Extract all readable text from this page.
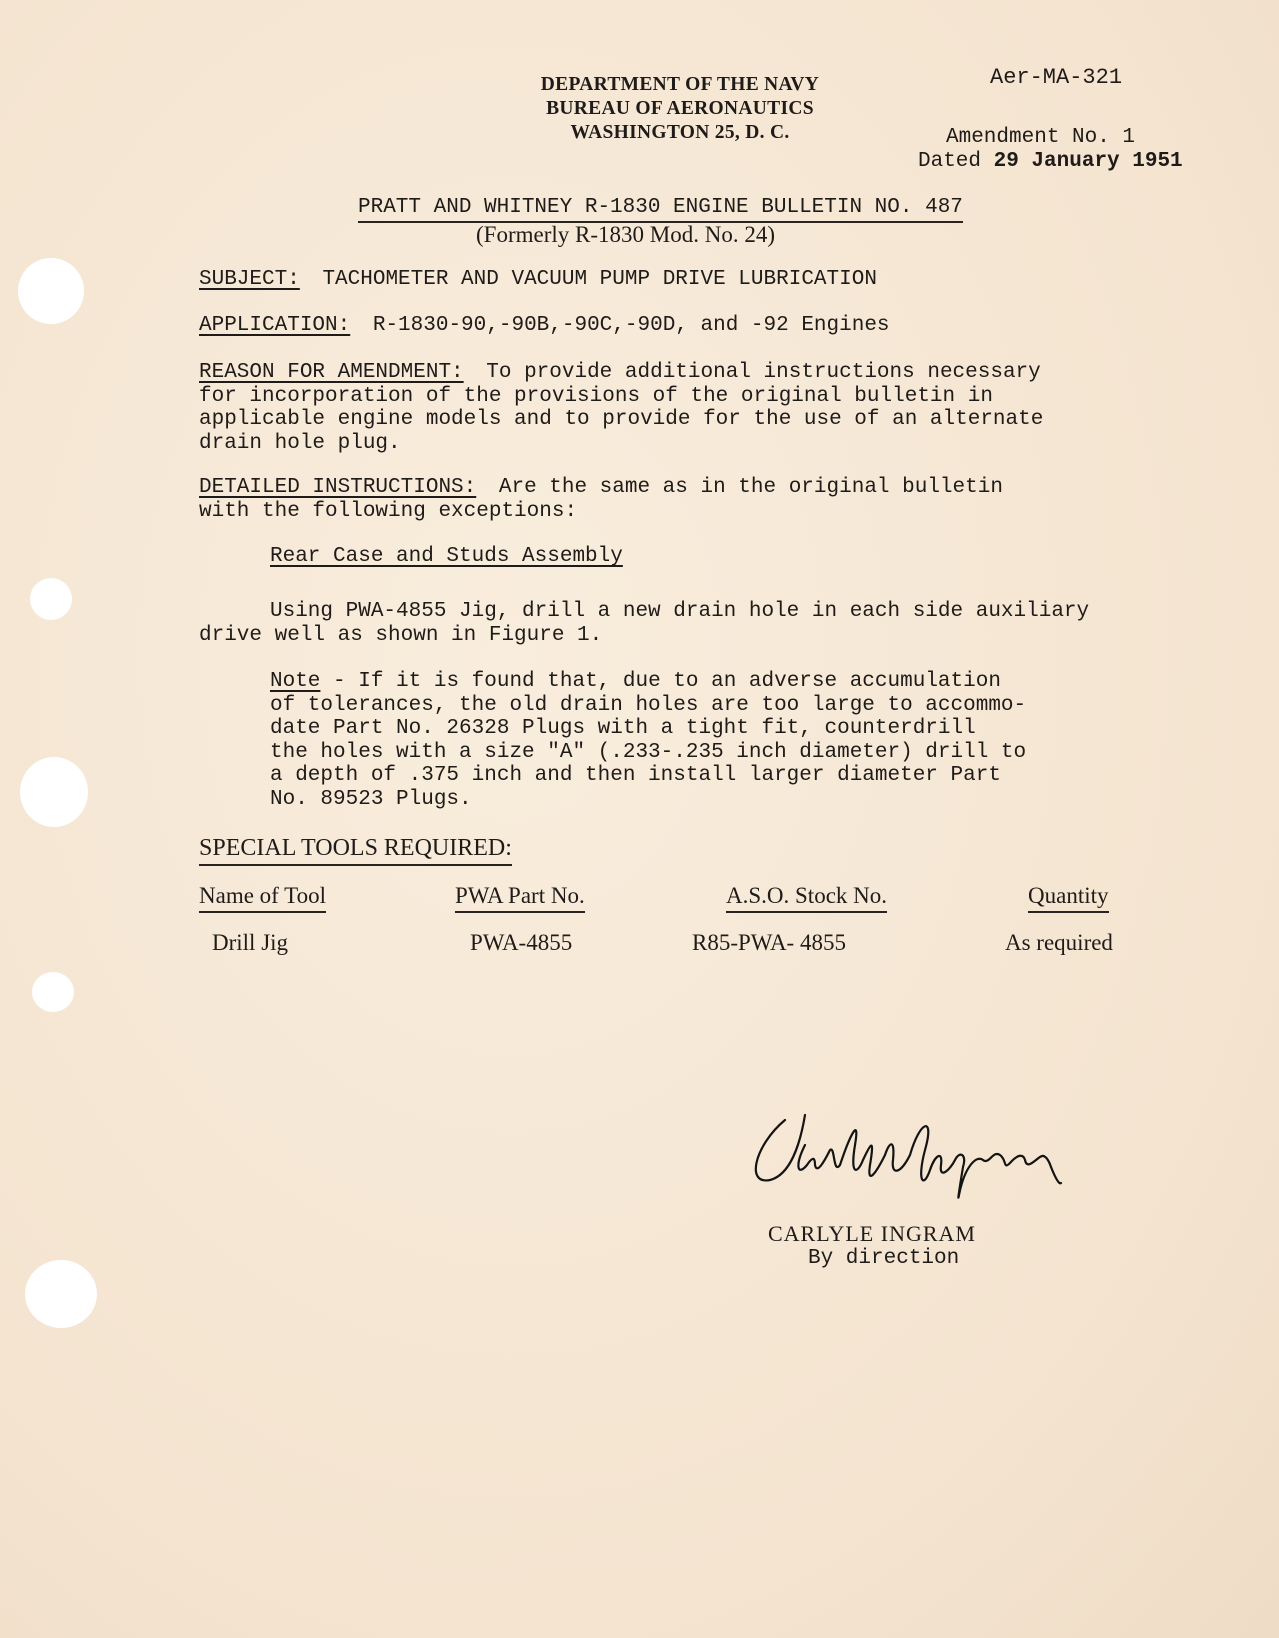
DEPARTMENT OF THE NAVY
BUREAU OF AERONAUTICS
WASHINGTON 25, D. C.
Aer-MA-321
Amendment No. 1
Dated 29 January 1951
PRATT AND WHITNEY R-1830 ENGINE BULLETIN NO. 487
(Formerly R-1830 Mod. No. 24)
SUBJECT: TACHOMETER AND VACUUM PUMP DRIVE LUBRICATION
APPLICATION: R-1830-90,-90B,-90C,-90D, and -92 Engines
REASON FOR AMENDMENT: To provide additional instructions necessary
for incorporation of the provisions of the original bulletin in
applicable engine models and to provide for the use of an alternate
drain hole plug.
DETAILED INSTRUCTIONS: Are the same as in the original bulletin
with the following exceptions:
Rear Case and Studs Assembly
Using PWA-4855 Jig, drill a new drain hole in each side auxiliary
drive well as shown in Figure 1.
Note - If it is found that, due to an adverse accumulation
of tolerances, the old drain holes are too large to accommo-
date Part No. 26328 Plugs with a tight fit, counterdrill
the holes with a size "A" (.233-.235 inch diameter) drill to
a depth of .375 inch and then install larger diameter Part
No. 89523 Plugs.
SPECIAL TOOLS REQUIRED:
Name of Tool	PWA Part No.	A.S.O. Stock No.	Quantity
Drill Jig	PWA-4855	R85-PWA- 4855	As required
CARLYLE INGRAM
By direction
